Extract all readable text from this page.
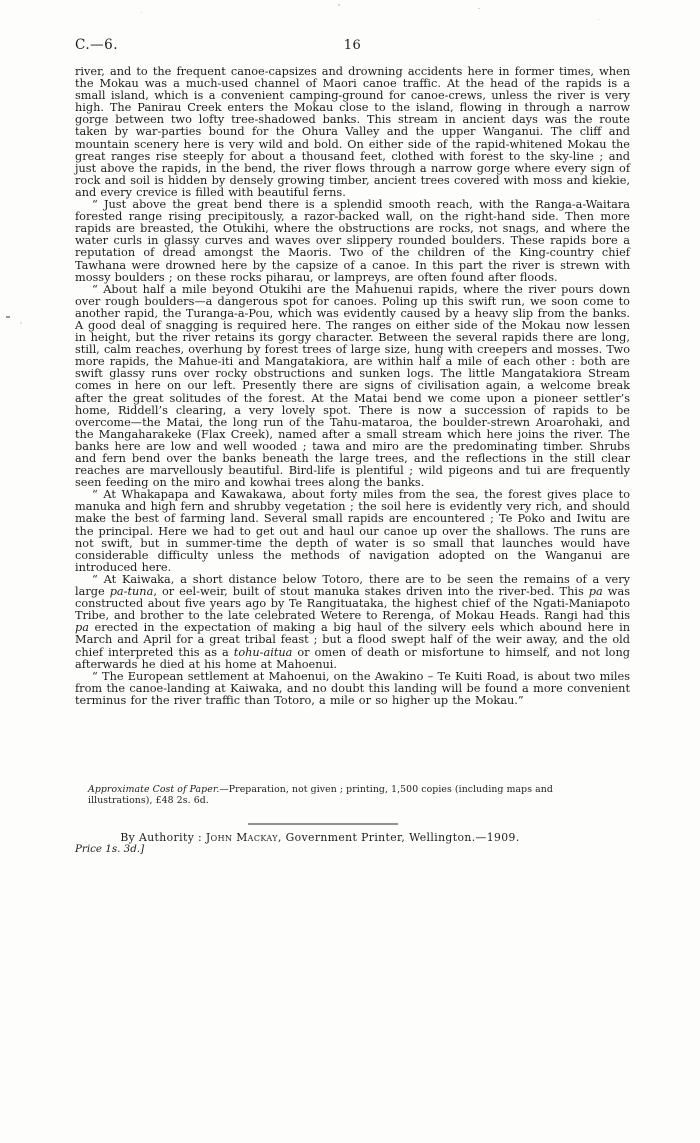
C.—6.	16

river, and to the frequent canoe-capsizes and drowning accidents here in former times, when the Mokau was a much-used channel of Maori canoe traffic. At the head of the rapids is a small island, which is a convenient camping-ground for canoe-crews, unless the river is very high. The Panirau Creek enters the Mokau close to the island, flowing in through a narrow gorge between two lofty tree-shadowed banks. This stream in ancient days was the route taken by war-parties bound for the Ohura Valley and the upper Wanganui. The cliff and mountain scenery here is very wild and bold. On either side of the rapid-whitened Mokau the great ranges rise steeply for about a thousand feet, clothed with forest to the sky-line ; and just above the rapids, in the bend, the river flows through a narrow gorge where every sign of rock and soil is hidden by densely growing timber, ancient trees covered with moss and kiekie, and every crevice is filled with beautiful ferns.

“ Just above the great bend there is a splendid smooth reach, with the Ranga-a-Waitara forested range rising precipitously, a razor-backed wall, on the right-hand side. Then more rapids are breasted, the Otukihi, where the obstructions are rocks, not snags, and where the water curls in glassy curves and waves over slippery rounded boulders. These rapids bore a reputation of dread amongst the Maoris. Two of the children of the King-country chief Tawhana were drowned here by the capsize of a canoe. In this part the river is strewn with mossy boulders ; on these rocks piharau, or lampreys, are often found after floods.

“ About half a mile beyond Otukihi are the Mahuenui rapids, where the river pours down over rough boulders—a dangerous spot for canoes. Poling up this swift run, we soon come to another rapid, the Turanga-a-Pou, which was evidently caused by a heavy slip from the banks. A good deal of snagging is required here. The ranges on either side of the Mokau now lessen in height, but the river retains its gorgy character. Between the several rapids there are long, still, calm reaches, overhung by forest trees of large size, hung with creepers and mosses. Two more rapids, the Mahue-iti and Mangatakiora, are within half a mile of each other : both are swift glassy runs over rocky obstructions and sunken logs. The little Mangatakiora Stream comes in here on our left. Presently there are signs of civilisation again, a welcome break after the great solitudes of the forest. At the Matai bend we come upon a pioneer settler’s home, Riddell’s clearing, a very lovely spot. There is now a succession of rapids to be overcome—the Matai, the long run of the Tahu-mataroa, the boulder-strewn Aroarohaki, and the Mangaharakeke (Flax Creek), named after a small stream which here joins the river. The banks here are low and well wooded ; tawa and miro are the predominating timber. Shrubs and fern bend over the banks beneath the large trees, and the reflections in the still clear reaches are marvellously beautiful. Bird-life is plentiful ; wild pigeons and tui are frequently seen feeding on the miro and kowhai trees along the banks.

“ At Whakapapa and Kawakawa, about forty miles from the sea, the forest gives place to manuka and high fern and shrubby vegetation ; the soil here is evidently very rich, and should make the best of farming land. Several small rapids are encountered ; Te Poko and Iwitu are the principal. Here we had to get out and haul our canoe up over the shallows. The runs are not swift, but in summer-time the depth of water is so small that launches would have considerable difficulty unless the methods of navigation adopted on the Wanganui are introduced here.

“ At Kaiwaka, a short distance below Totoro, there are to be seen the remains of a very large pa-tuna, or eel-weir, built of stout manuka stakes driven into the river-bed. This pa was constructed about five years ago by Te Rangituataka, the highest chief of the Ngati-Maniapoto Tribe, and brother to the late celebrated Wetere to Rerenga, of Mokau Heads. Rangi had this pa erected in the expectation of making a big haul of the silvery eels which abound here in March and April for a great tribal feast ; but a flood swept half of the weir away, and the old chief interpreted this as a tohu-aitua or omen of death or misfortune to himself, and not long afterwards he died at his home at Mahoenui.

“ The European settlement at Mahoenui, on the Awakino – Te Kuiti Road, is about two miles from the canoe-landing at Kaiwaka, and no doubt this landing will be found a more convenient terminus for the river traffic than Totoro, a mile or so higher up the Mokau.”

Approximate Cost of Paper.—Preparation, not given ; printing, 1,500 copies (including maps and illustrations), £48 2s. 6d.
By Authority : John Mackay, Government Printer, Wellington.—1909.
Price 1s. 3d.]
